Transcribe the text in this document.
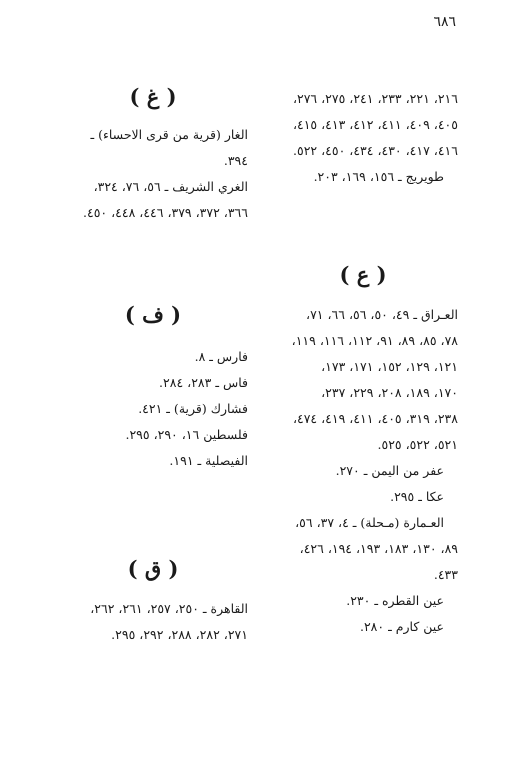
٦٨٦
٢١٦، ٢٢١، ٢٣٣، ٢٤١، ٢٧٥، ٢٧٦،
٤٠٥، ٤٠٩، ٤١١، ٤١٢، ٤١٣، ٤١٥،
٤١٦، ٤١٧، ٤٣٠، ٤٣٤، ٤٥٠، ٥٢٢.
طويريج ـ ١٥٦، ١٦٩، ٢٠٣.
( ع )
العـراق ـ ٤٩، ٥٠، ٥٦، ٦٦، ٧١،
٧٨، ٨٥، ٨٩، ٩١، ١١٢، ١١٦، ١١٩،
١٢١، ١٢٩، ١٥٢، ١٧١، ١٧٣،
١٧٠، ١٨٩، ٢٠٨، ٢٢٩، ٢٣٧،
٢٣٨، ٣١٩، ٤٠٥، ٤١١، ٤١٩، ٤٧٤،
٥٢١، ٥٢٢، ٥٢٥.
عفر من اليمن ـ ٢٧٠.
عكا ـ ٢٩٥.
العـمارة (مـحلة) ـ ٤، ٣٧، ٥٦،
٨٩، ١٣٠، ١٨٣، ١٩٣، ١٩٤، ٤٢٦،
٤٣٣.
عين القطره ـ ٢٣٠.
عين كارم ـ ٢٨٠.
( غ )
الغار (قرية من قرى الاحساء) ـ
٣٩٤.
الغري الشريف ـ ٥٦، ٧٦، ٣٢٤،
٣٦٦، ٣٧٢، ٣٧٩، ٤٤٦، ٤٤٨، ٤٥٠.
( ف )
فارس ـ ٨.
فاس ـ ٢٨٣، ٢٨٤.
فشارك (قرية) ـ ٤٢١.
فلسطين ١٦، ٢٩٠، ٢٩٥.
الفيصلية ـ ١٩١.
( ق )
القاهرة ـ ٢٥٠، ٢٥٧، ٢٦١، ٢٦٢،
٢٧١، ٢٨٢، ٢٨٨، ٢٩٢، ٢٩٥.
